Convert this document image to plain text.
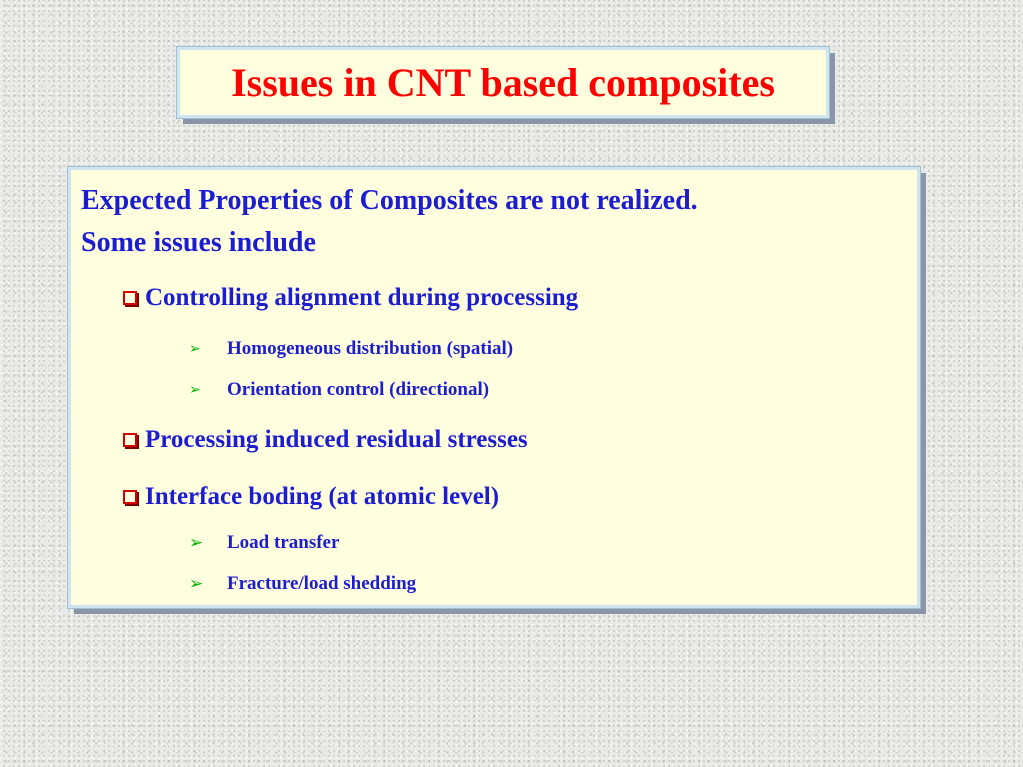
Issues in CNT based composites
Expected Properties of Composites are not realized.
Some issues include
Controlling alignment during processing
➢	Homogeneous distribution (spatial)
➢	Orientation control (directional)
Processing induced residual stresses
Interface boding (at atomic level)
➢	Load transfer
➢	Fracture/load shedding
